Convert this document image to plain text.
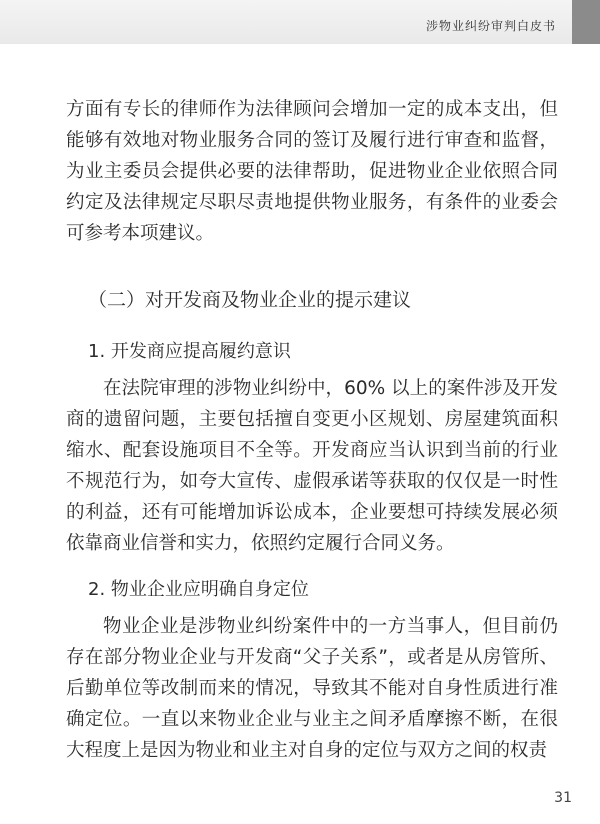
涉物业纠纷审判白皮书

方面有专长的律师作为法律顾问会增加一定的成本支出，但能够有效地对物业服务合同的签订及履行进行审查和监督，为业主委员会提供必要的法律帮助，促进物业企业依照合同约定及法律规定尽职尽责地提供物业服务，有条件的业委会可参考本项建议。

（二）对开发商及物业企业的提示建议
1. 开发商应提高履约意识

在法院审理的涉物业纠纷中，60% 以上的案件涉及开发商的遗留问题，主要包括擅自变更小区规划、房屋建筑面积缩水、配套设施项目不全等。开发商应当认识到当前的行业不规范行为，如夸大宣传、虚假承诺等获取的仅仅是一时性的利益，还有可能增加诉讼成本，企业要想可持续发展必须依靠商业信誉和实力，依照约定履行合同义务。

2. 物业企业应明确自身定位

物业企业是涉物业纠纷案件中的一方当事人，但目前仍存在部分物业企业与开发商“父子关系”，或者是从房管所、后勤单位等改制而来的情况，导致其不能对自身性质进行准确定位。一直以来物业企业与业主之间矛盾摩擦不断，在很大程度上是因为物业和业主对自身的定位与双方之间的权责

31
